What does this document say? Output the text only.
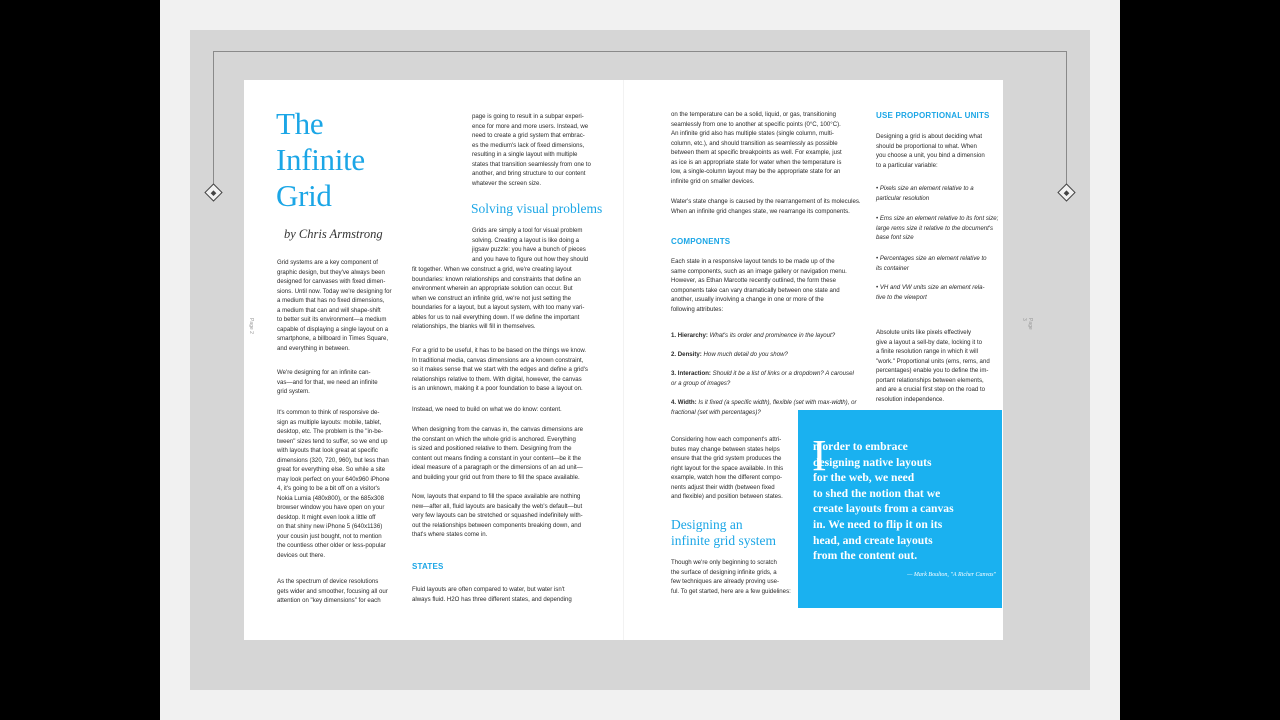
Page 2	Page 3
The
Infinite
Grid
by Chris Armstrong

Grid systems are a key component of
graphic design, but they've always been
designed for canvases with fixed dimen-
sions. Until now. Today we're designing for
a medium that has no fixed dimensions,
a medium that can and will shape-shift
to better suit its environment—a medium
capable of displaying a single layout on a
smartphone, a billboard in Times Square,
and everything in between.

We're designing for an infinite can-
vas—and for that, we need an infinite
grid system.

It's common to think of responsive de-
sign as multiple layouts: mobile, tablet,
desktop, etc. The problem is the "in-be-
tween" sizes tend to suffer, so we end up
with layouts that look great at specific
dimensions (320, 720, 960), but less than
great for everything else. So while a site
may look perfect on your 640x960 iPhone
4, it's going to be a bit off on a visitor's
Nokia Lumia (480x800), or the 685x308
browser window you have open on your
desktop. It might even look a little off
on that shiny new iPhone 5 (640x1136)
your cousin just bought, not to mention
the countless other older or less-popular
devices out there.

As the spectrum of device resolutions
gets wider and smoother, focusing all our
attention on "key dimensions" for each

page is going to result in a subpar experi-
ence for more and more users. Instead, we
need to create a grid system that embrac-
es the medium's lack of fixed dimensions,
resulting in a single layout with multiple
states that transition seamlessly from one to
another, and bring structure to our content
whatever the screen size.

Solving visual problems

Grids are simply a tool for visual problem
solving. Creating a layout is like doing a
jigsaw puzzle: you have a bunch of pieces
and you have to figure out how they should

fit together. When we construct a grid, we're creating layout
boundaries: known relationships and constraints that define an
environment wherein an appropriate solution can occur. But
when we construct an infinite grid, we're not just setting the
boundaries for a layout, but a layout system, with too many vari-
ables for us to nail everything down. If we define the important
relationships, the blanks will fill in themselves.

For a grid to be useful, it has to be based on the things we know.
In traditional media, canvas dimensions are a known constraint,
so it makes sense that we start with the edges and define a grid's
relationships relative to them. With digital, however, the canvas
is an unknown, making it a poor foundation to base a layout on.

Instead, we need to build on what we do know: content.

When designing from the canvas in, the canvas dimensions are
the constant on which the whole grid is anchored. Everything
is sized and positioned relative to them. Designing from the
content out means finding a constant in your content—be it the
ideal measure of a paragraph or the dimensions of an ad unit—
and building your grid out from there to fill the space available.

Now, layouts that expand to fill the space available are nothing
new—after all, fluid layouts are basically the web's default—but
very few layouts can be stretched or squashed indefinitely with-
out the relationships between components breaking down, and
that's where states come in.

STATES

Fluid layouts are often compared to water, but water isn't
always fluid. H2O has three different states, and depending

on the temperature can be a solid, liquid, or gas, transitioning
seamlessly from one to another at specific points (0°C, 100°C).
An infinite grid also has multiple states (single column, multi-
column, etc.), and should transition as seamlessly as possible
between them at specific breakpoints as well. For example, just
as ice is an appropriate state for water when the temperature is
low, a single-column layout may be the appropriate state for an
infinite grid on smaller devices.

Water's state change is caused by the rearrangement of its molecules.
When an infinite grid changes state, we rearrange its components.

COMPONENTS

Each state in a responsive layout tends to be made up of the
same components, such as an image gallery or navigation menu.
However, as Ethan Marcotte recently outlined, the form these
components take can vary dramatically between one state and
another, usually involving a change in one or more of the
following attributes:

1. Hierarchy: What's its order and prominence in the layout?

2. Density: How much detail do you show?

3. Interaction: Should it be a list of links or a dropdown? A carousel
or a group of images?

4. Width: Is it fixed (a specific width), flexible (set with max-width), or
fractional (set with percentages)?

Considering how each component's attri-
butes may change between states helps
ensure that the grid system produces the
right layout for the space available. In this
example, watch how the different compo-
nents adjust their width (between fixed
and flexible) and position between states.

Designing an
infinite grid system

Though we're only beginning to scratch
the surface of designing infinite grids, a
few techniques are already proving use-
ful. To get started, here are a few guidelines:

USE PROPORTIONAL UNITS

Designing a grid is about deciding what
should be proportional to what. When
you choose a unit, you bind a dimension
to a particular variable:

• Pixels size an element relative to a
particular resolution

• Ems size an element relative to its font size;
large rems size it relative to the document's
base font size

• Percentages size an element relative to
its container

• VH and VW units size an element rela-
tive to the viewport

Absolute units like pixels effectively
give a layout a sell-by date, locking it to
a finite resolution range in which it will
"work." Proportional units (ems, rems, and
percentages) enable you to define the im-
portant relationships between elements,
and are a crucial first step on the road to
resolution independence.

I

n order to embrace
designing native layouts
for the web, we need
to shed the notion that we
create layouts from a canvas
in. We need to flip it on its
head, and create layouts
from the content out.

— Mark Boulton, "A Richer Canvas"
